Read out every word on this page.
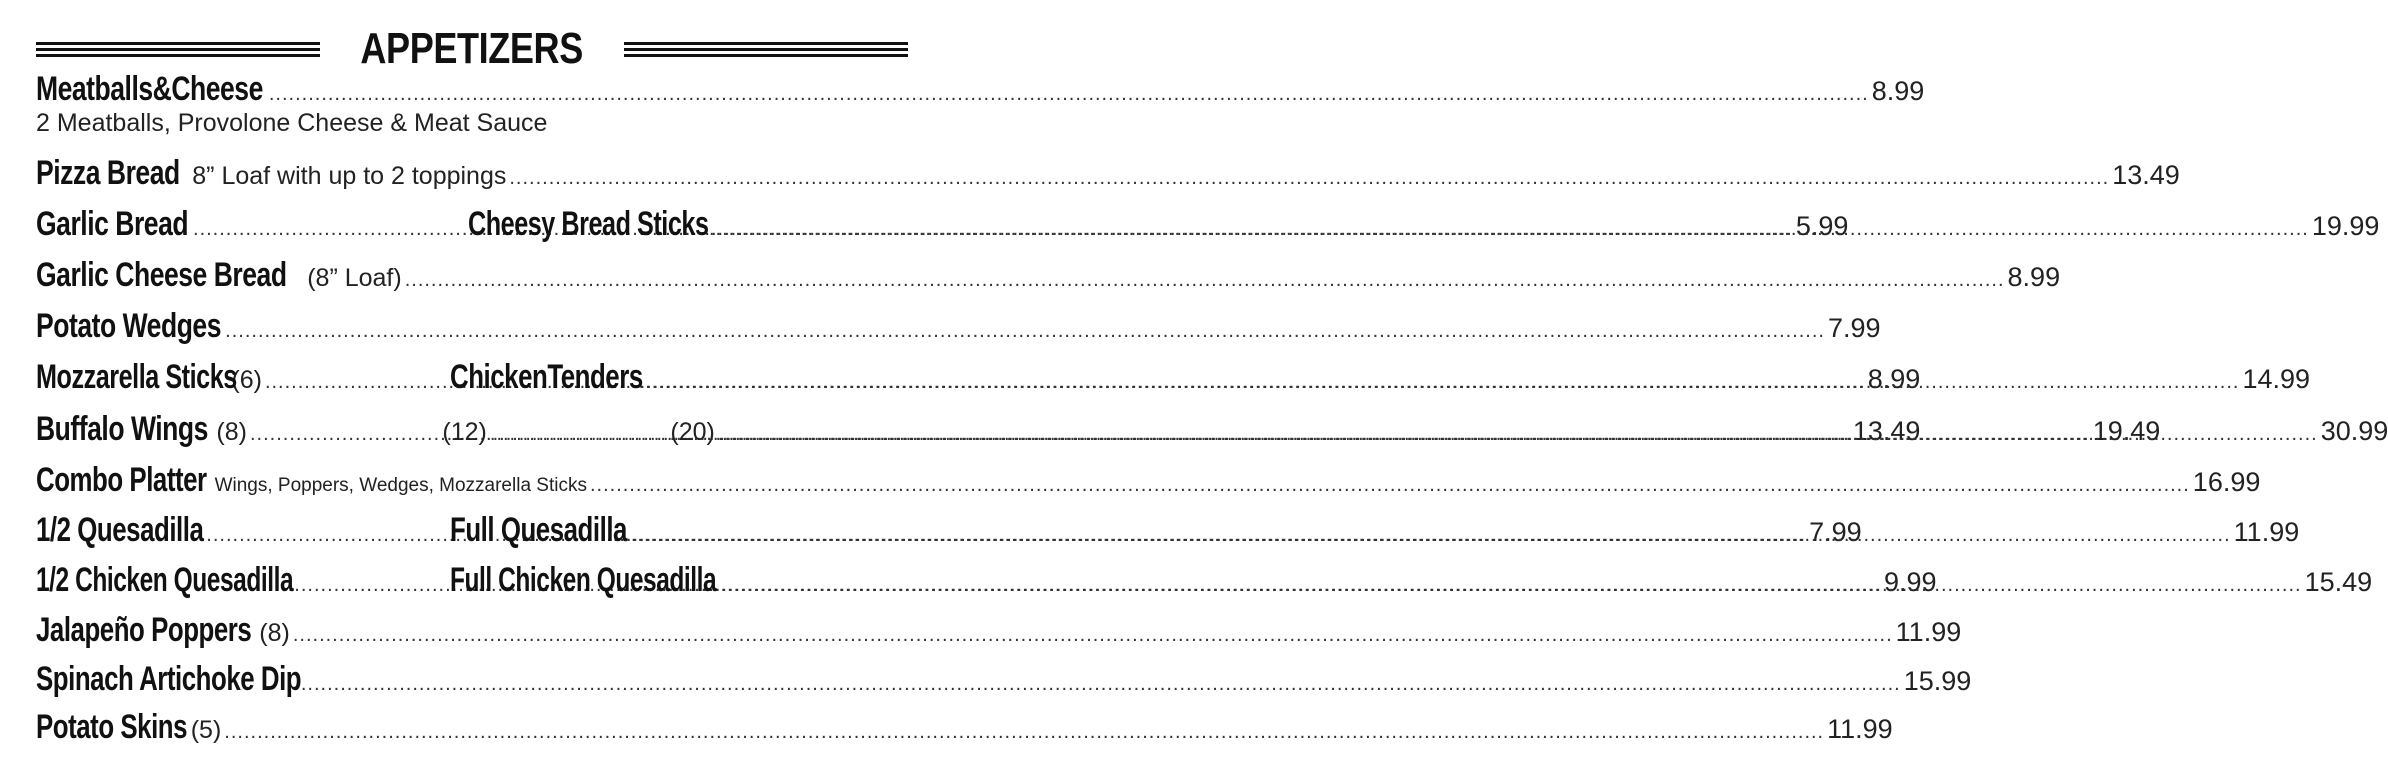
APPETIZERS
Meatballs&Cheese .....	8.99
2 Meatballs, Provolone Cheese & Meat Sauce
Pizza Bread 8” Loaf with up to 2 toppings .....	13.49
Garlic Bread .....	5.99
Cheesy Bread Sticks .....	19.99
Garlic Cheese Bread (8” Loaf) .....	8.99
Potato Wedges .....	7.99
Mozzarella Sticks
(6) .....	8.99
ChickenTenders .....	14.99
Buffalo Wings (8) .....	13.49
(12) .....	19.49
(20) .....	30.99
Combo Platter Wings, Poppers, Wedges, Mozzarella Sticks .....	16.99
1/2 Quesadilla .....	7.99
Full Quesadilla .....	11.99
1/2 Chicken Quesadilla .....	9.99
Full Chicken Quesadilla .....	15.49
Jalapeño Poppers (8) .....	11.99
Spinach Artichoke Dip .....	15.99
Potato Skins (5) .....	11.99
